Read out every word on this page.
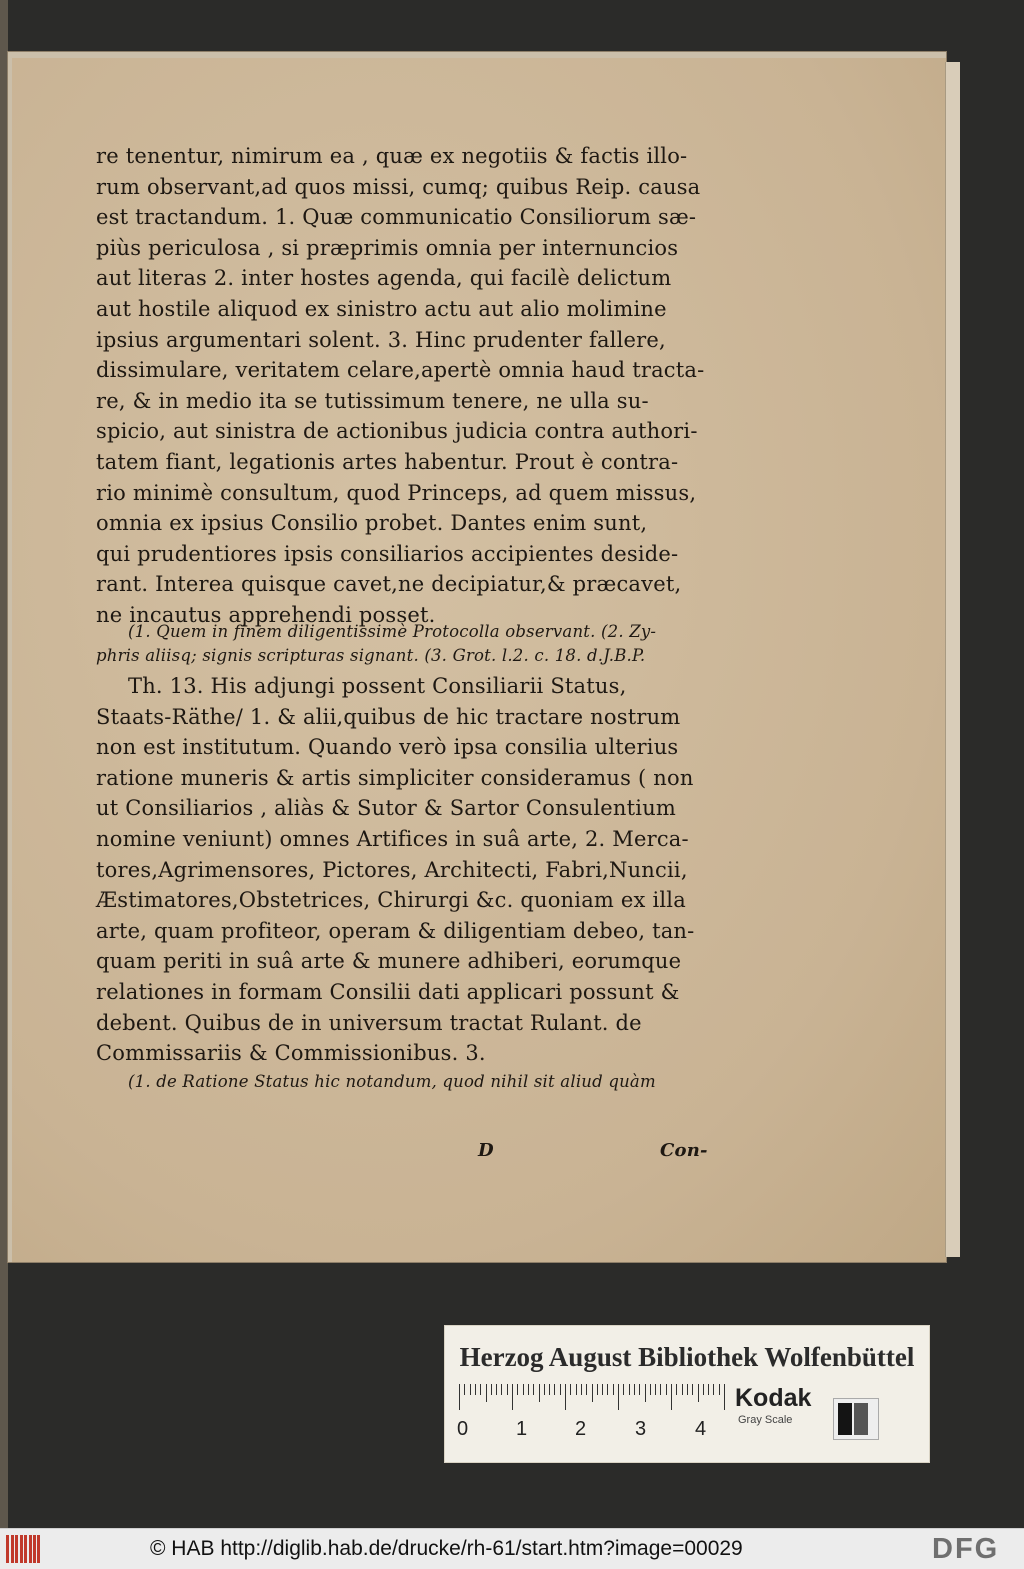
D	Con-
re tenentur, nimirum ea , quæ ex negotiis & factis illo-
rum observant,ad quos missi, cumq; quibus Reip. causa
est tractandum. 1. Quæ communicatio Consiliorum sæ-
piùs periculosa , si præprimis omnia per internuncios
aut literas 2. inter hostes agenda, qui facilè delictum
aut hostile aliquod ex sinistro actu aut alio molimine
ipsius argumentari solent. 3. Hinc prudenter fallere,
dissimulare, veritatem celare,apertè omnia haud tracta-
re, & in medio ita se tutissimum tenere, ne ulla su-
spicio, aut sinistra de actionibus judicia contra authori-
tatem fiant, legationis artes habentur. Prout è contra-
rio minimè consultum, quod Princeps, ad quem missus,
omnia ex ipsius Consilio probet. Dantes enim sunt,
qui prudentiores ipsis consiliarios accipientes deside-
rant. Interea quisque cavet,ne decipiatur,& præcavet,
ne incautus apprehendi posset.
(1. Quem in finem diligentissimè Protocolla observant. (2. Zy-
phris aliisq; signis scripturas signant. (3. Grot. l.2. c. 18. d.J.B.P.
Th. 13. His adjungi possent Consiliarii Status,
Staats-Räthe/ 1. & alii,quibus de hic tractare nostrum
non est institutum. Quando verò ipsa consilia ulterius
ratione muneris & artis simpliciter consideramus ( non
ut Consiliarios , aliàs & Sutor & Sartor Consulentium
nomine veniunt) omnes Artifices in suâ arte, 2. Merca-
tores,Agrimensores, Pictores, Architecti, Fabri,Nuncii,
Æstimatores,Obstetrices, Chirurgi &c. quoniam ex illa
arte, quam profiteor, operam & diligentiam debeo, tan-
quam periti in suâ arte & munere adhiberi, eorumque
relationes in formam Consilii dati applicari possunt &
debent. Quibus de in universum tractat Rulant. de
Commissariis & Commissionibus. 3.
(1. de Ratione Status hic notandum, quod nihil sit aliud quàm
Herzog August Bibliothek Wolfenbüttel
0 1 2 3 4
Kodak
Gray Scale
© HAB http://diglib.hab.de/drucke/rh-61/start.htm?image=00029	DFG
